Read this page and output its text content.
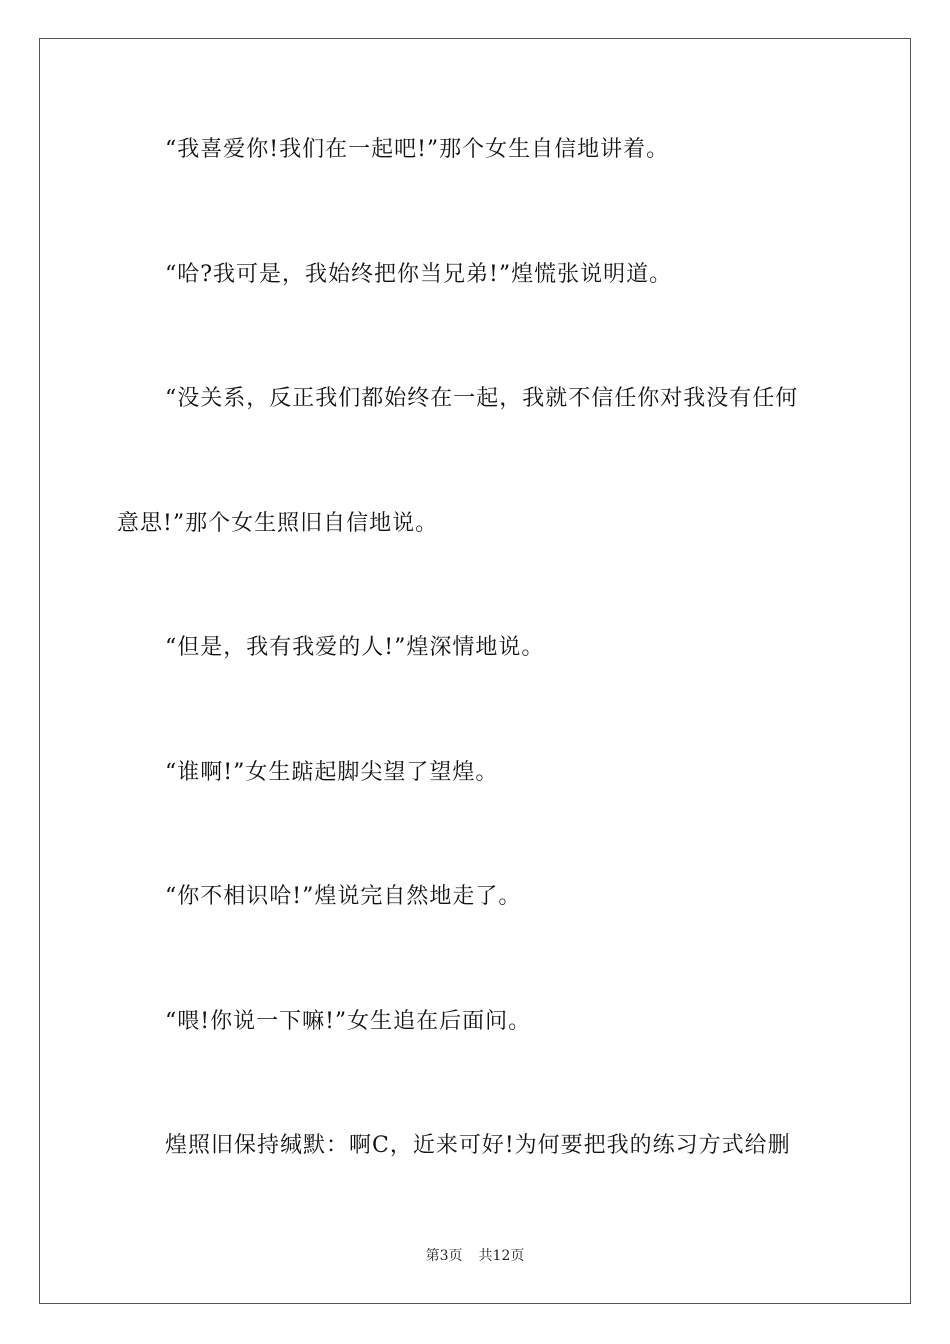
“我喜爱你!我们在一起吧!”那个女生自信地讲着。

“哈?我可是，我始终把你当兄弟!”煌慌张说明道。

“没关系，反正我们都始终在一起，我就不信任你对我没有任何

意思!”那个女生照旧自信地说。

“但是，我有我爱的人!”煌深情地说。

“谁啊!”女生踮起脚尖望了望煌。

“你不相识哈!”煌说完自然地走了。

“喂!你说一下嘛!”女生追在后面问。

煌照旧保持缄默：啊C，近来可好!为何要把我的练习方式给删

第3页 共12页
